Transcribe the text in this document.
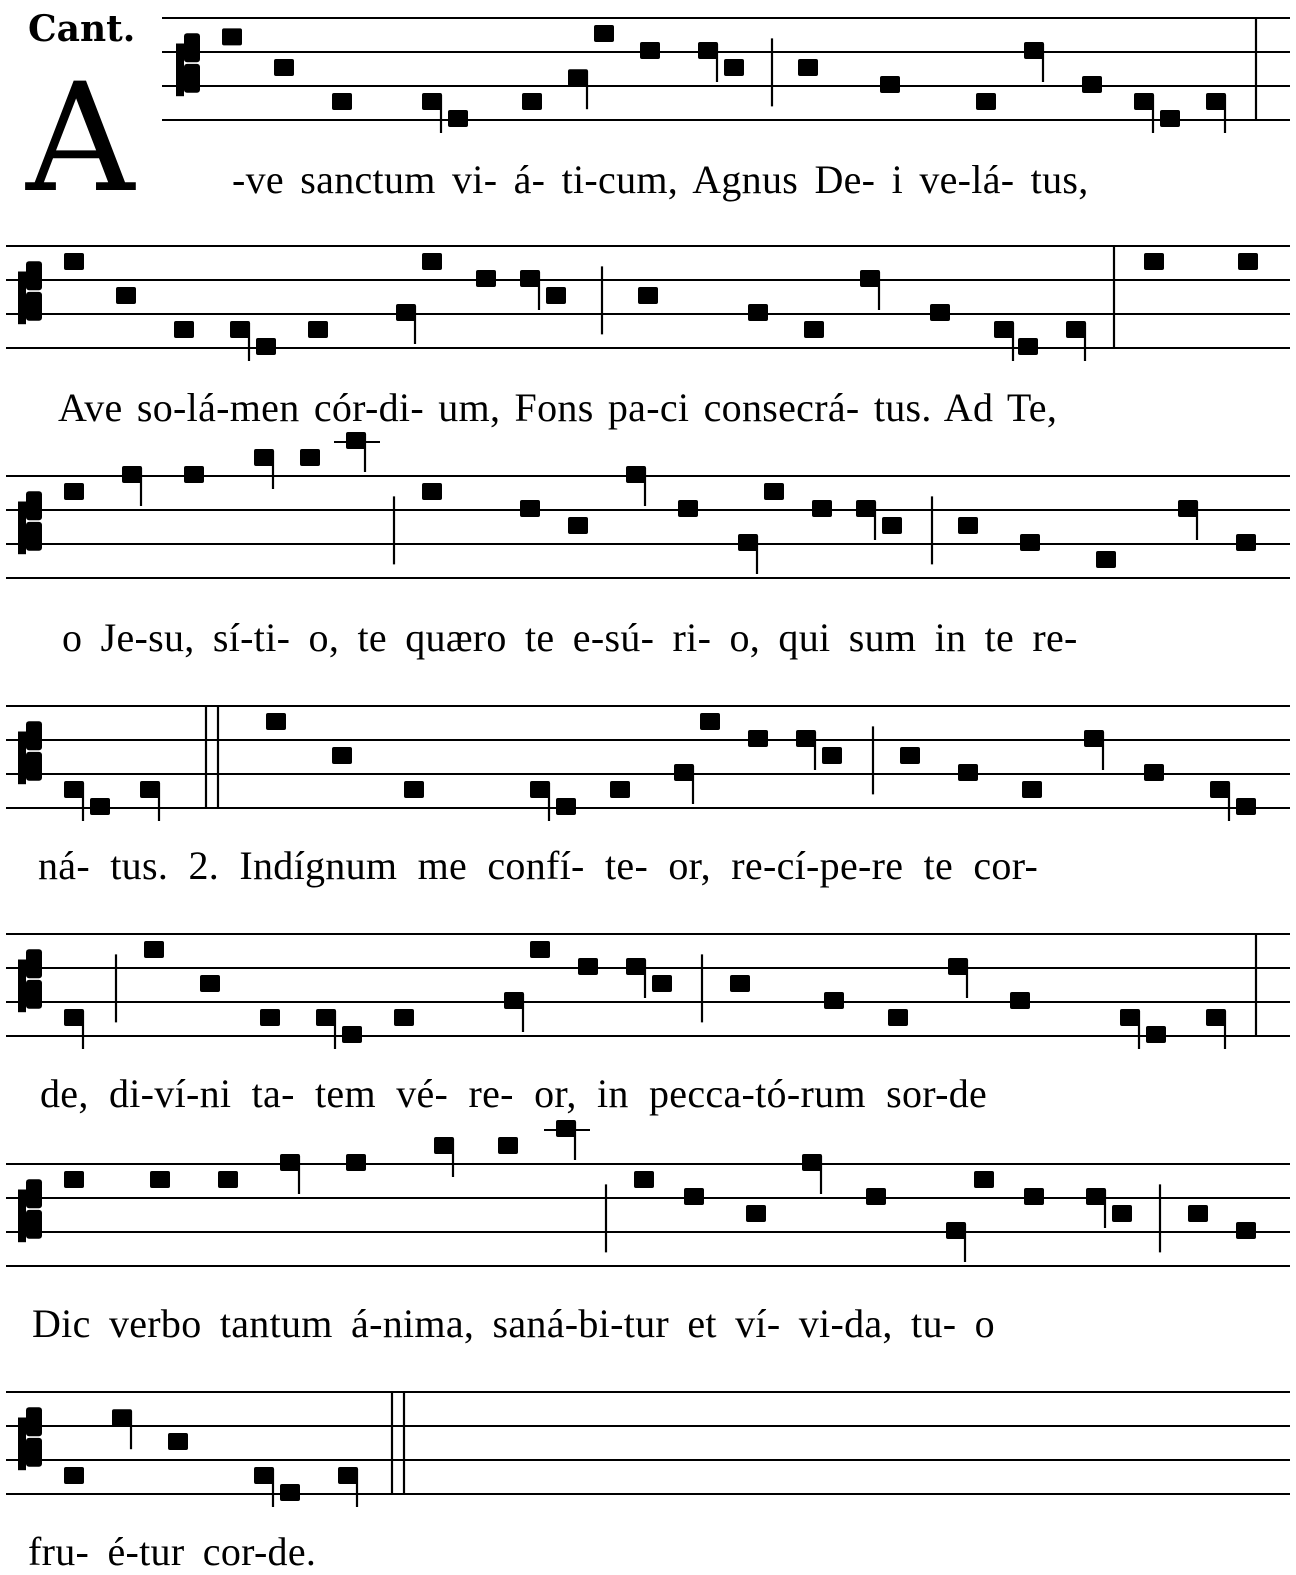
Cant.
A -ve sanctum vi- á- ti-cum, Agnus De- i ve-lá- tus,
Ave so-lá-men cór-di- um, Fons pa-ci consecrá- tus. Ad Te,
o Je-su, sí-ti- o, te quæro te e-sú- ri- o, qui sum in te re-
ná- tus. 2. Indígnum me confí- te- or, re-cí-pe-re te cor-
de, di-ví-ni ta- tem vé- re- or, in pecca-tó-rum sor-de
Dic verbo tantum á-nima, saná-bi-tur et ví- vi-da, tu- o
fru- é-tur cor-de.
